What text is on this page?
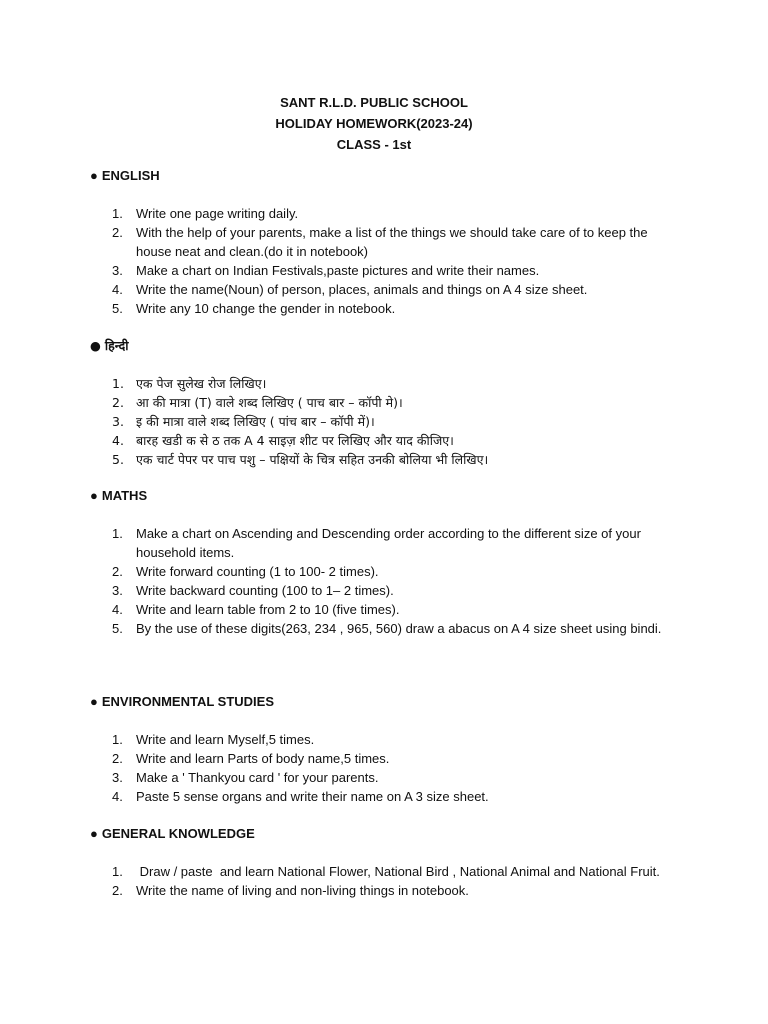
SANT R.L.D. PUBLIC SCHOOL
HOLIDAY HOMEWORK(2023-24)
CLASS - 1st

● ENGLISH

1. Write one page writing daily.
2. With the help of your parents, make a list of the things we should take care of to keep the house neat and clean.(do it in notebook)
3. Make a chart on Indian Festivals,paste pictures and write their names.
4. Write the name(Noun) of person, places, animals and things on A 4 size sheet.
5. Write any 10 change the gender in notebook.

● हिन्दी

1. एक पेज सुलेख रोज लिखिए।
2. आ की मात्रा (T) वाले शब्द लिखिए ( पाच बार – कॉपी मे)।
3. इ की मात्रा वाले शब्द लिखिए ( पांच बार – कॉपी में)।
4. बारह खडी क से ठ तक A 4 साइज़ शीट पर लिखिए और याद कीजिए।
5. एक चार्ट पेपर पर पाच पशु – पक्षियों के चित्र सहित उनकी बोलिया भी लिखिए।

● MATHS

1. Make a chart on Ascending and Descending order according to the different size of your household items.
2. Write forward counting (1 to 100- 2 times).
3. Write backward counting (100 to 1– 2 times).
4. Write and learn table from 2 to 10 (five times).
5. By the use of these digits(263, 234 , 965, 560) draw a abacus on A 4 size sheet using bindi.

● ENVIRONMENTAL STUDIES

1. Write and learn Myself,5 times.
2. Write and learn Parts of body name,5 times.
3. Make a ' Thankyou card ' for your parents.
4. Paste 5 sense organs and write their name on A 3 size sheet.

● GENERAL KNOWLEDGE

1. Draw / paste  and learn National Flower, National Bird , National Animal and National Fruit.
2. Write the name of living and non-living things in notebook.
